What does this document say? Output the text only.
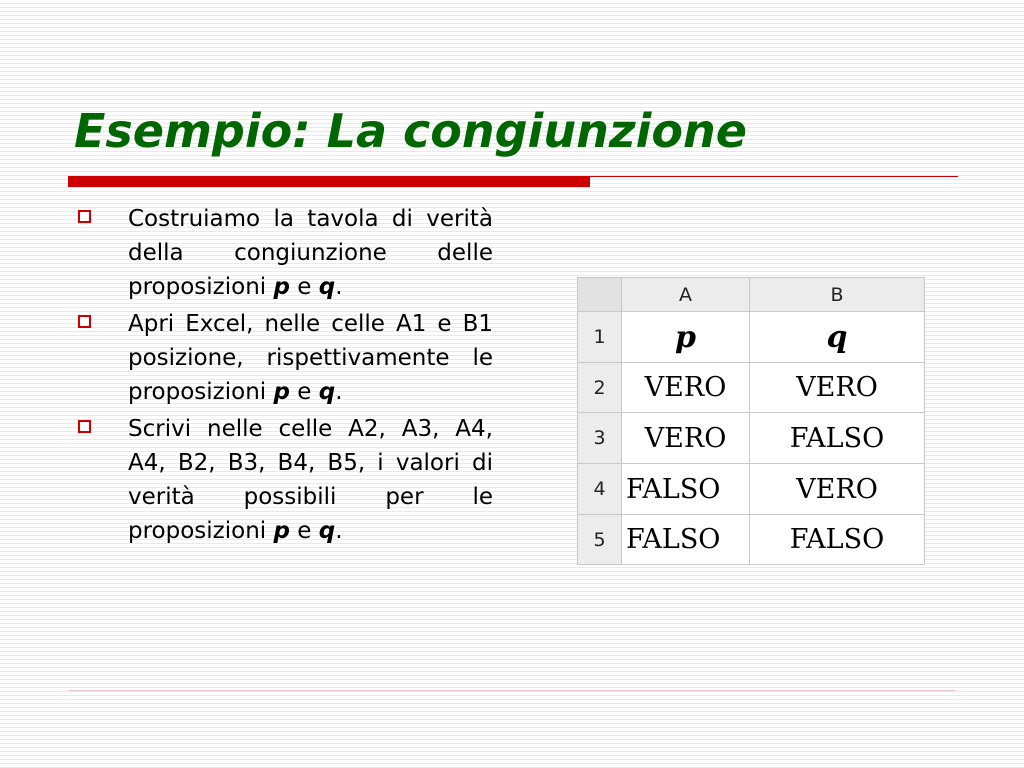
Esempio: La congiunzione

Costruiamo la tavola di verità della congiunzione delle proposizioni p e q.

Apri Excel, nelle celle A1 e B1 posizione, rispettivamente le proposizioni p e q.

Scrivi nelle celle A2, A3, A4, A4, B2, B3, B4, B5, i valori di verità possibili per le proposizioni p e q.

	A	B
1	p	q
2	VERO	VERO
3	VERO	FALSO
4	FALSO	VERO
5	FALSO	FALSO
